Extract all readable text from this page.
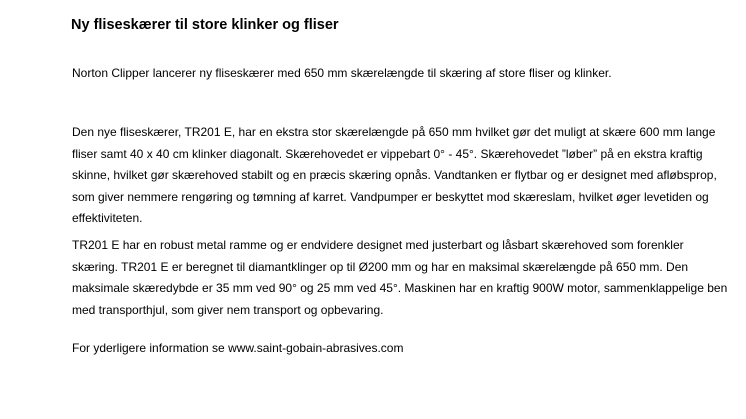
Ny fliseskærer til store klinker og fliser

Norton Clipper lancerer ny fliseskærer med 650 mm skærelængde til skæring af store fliser og klinker.

Den nye fliseskærer, TR201 E, har en ekstra stor skærelængde på 650 mm hvilket gør det muligt at skære 600 mm lange fliser samt 40 x 40 cm klinker diagonalt. Skærehovedet er vippebart 0° - 45°. Skærehovedet ”løber” på en ekstra kraftig skinne, hvilket gør skærehoved stabilt og en præcis skæring opnås. Vandtanken er flytbar og er designet med afløbsprop, som giver nemmere rengøring og tømning af karret. Vandpumper er beskyttet mod skæreslam, hvilket øger levetiden og effektiviteten.

TR201 E har en robust metal ramme og er endvidere designet med justerbart og låsbart skærehoved som forenkler skæring. TR201 E er beregnet til diamantklinger op til Ø200 mm og har en maksimal skærelængde på 650 mm. Den maksimale skæredybde er 35 mm ved 90° og 25 mm ved 45°. Maskinen har en kraftig 900W motor, sammenklappelige ben med transporthjul, som giver nem transport og opbevaring.

For yderligere information se www.saint-gobain-abrasives.com
